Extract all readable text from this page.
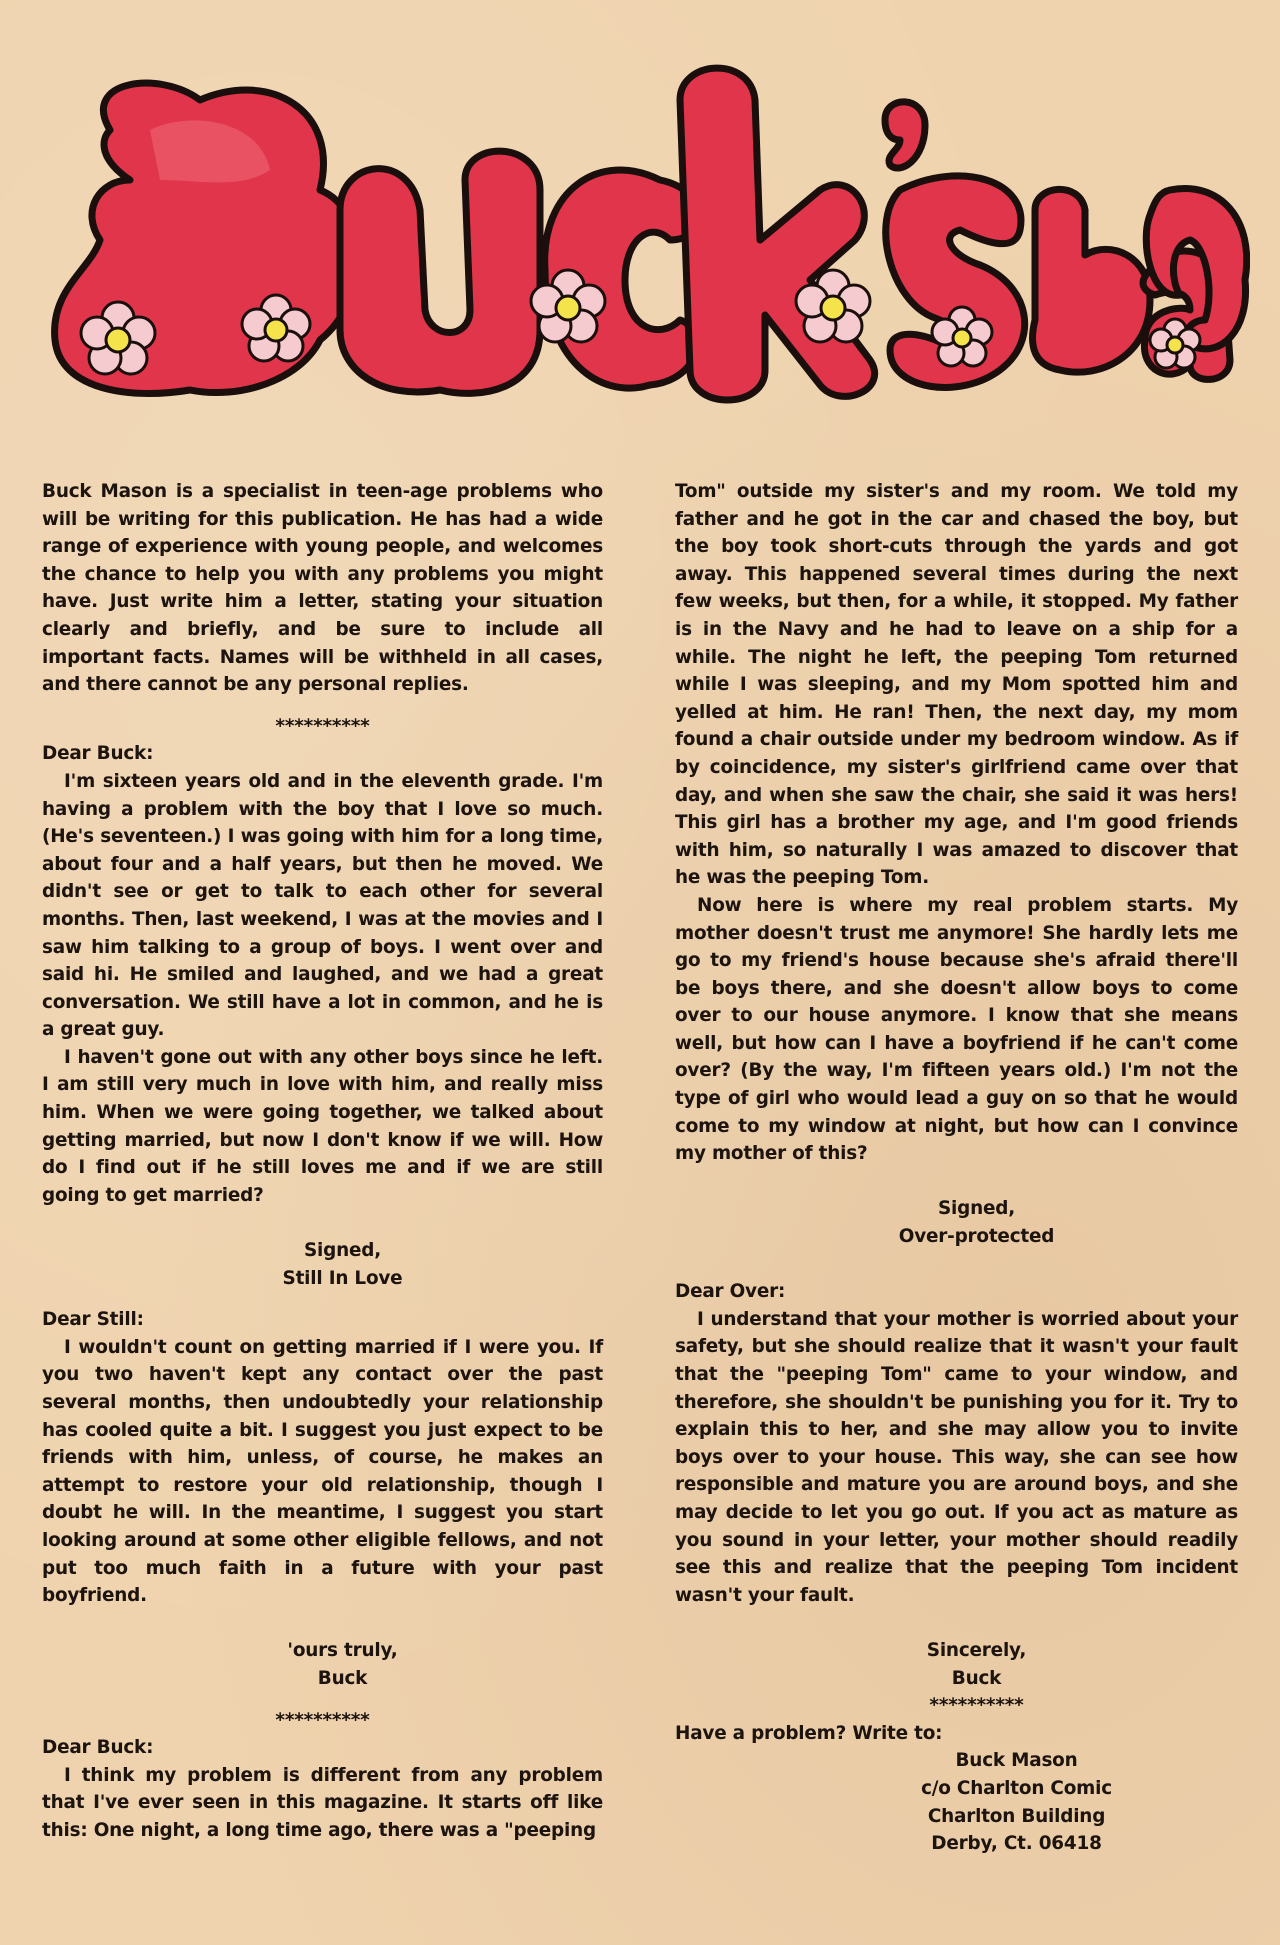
Buck Mason is a specialist in teen-age problems who will be writing for this publication. He has had a wide range of experience with young people, and welcomes the chance to help you with any problems you might have. Just write him a letter, stating your situation clearly and briefly, and be sure to include all important facts. Names will be withheld in all cases, and there cannot be any personal replies.

**********

Dear Buck:

I'm sixteen years old and in the eleventh grade. I'm having a problem with the boy that I love so much. (He's seventeen.) I was going with him for a long time, about four and a half years, but then he moved. We didn't see or get to talk to each other for several months. Then, last weekend, I was at the movies and I saw him talking to a group of boys. I went over and said hi. He smiled and laughed, and we had a great conversation. We still have a lot in common, and he is a great guy.

I haven't gone out with any other boys since he left. I am still very much in love with him, and really miss him. When we were going together, we talked about getting married, but now I don't know if we will. How do I find out if he still loves me and if we are still going to get married?

Signed,

Still In Love

Dear Still:

I wouldn't count on getting married if I were you. If you two haven't kept any contact over the past several months, then undoubtedly your relationship has cooled quite a bit. I suggest you just expect to be friends with him, unless, of course, he makes an attempt to restore your old relationship, though I doubt he will. In the meantime, I suggest you start looking around at some other eligible fellows, and not put too much faith in a future with your past boyfriend.

'ours truly,

Buck

**********

Dear Buck:

I think my problem is different from any problem that I've ever seen in this magazine. It starts off like this: One night, a long time ago, there was a "peeping

Tom" outside my sister's and my room. We told my father and he got in the car and chased the boy, but the boy took short-cuts through the yards and got away. This happened several times during the next few weeks, but then, for a while, it stopped. My father is in the Navy and he had to leave on a ship for a while. The night he left, the peeping Tom returned while I was sleeping, and my Mom spotted him and yelled at him. He ran! Then, the next day, my mom found a chair outside under my bedroom window. As if by coincidence, my sister's girlfriend came over that day, and when she saw the chair, she said it was hers! This girl has a brother my age, and I'm good friends with him, so naturally I was amazed to discover that he was the peeping Tom.

Now here is where my real problem starts. My mother doesn't trust me anymore! She hardly lets me go to my friend's house because she's afraid there'll be boys there, and she doesn't allow boys to come over to our house anymore. I know that she means well, but how can I have a boyfriend if he can't come over? (By the way, I'm fifteen years old.) I'm not the type of girl who would lead a guy on so that he would come to my window at night, but how can I convince my mother of this?

Signed,

Over-protected

Dear Over:

I understand that your mother is worried about your safety, but she should realize that it wasn't your fault that the "peeping Tom" came to your window, and therefore, she shouldn't be punishing you for it. Try to explain this to her, and she may allow you to invite boys over to your house. This way, she can see how responsible and mature you are around boys, and she may decide to let you go out. If you act as mature as you sound in your letter, your mother should readily see this and realize that the peeping Tom incident wasn't your fault.

Sincerely,

Buck

**********

Have a problem? Write to:

Buck Mason

c/o Charlton Comic

Charlton Building

Derby, Ct. 06418
